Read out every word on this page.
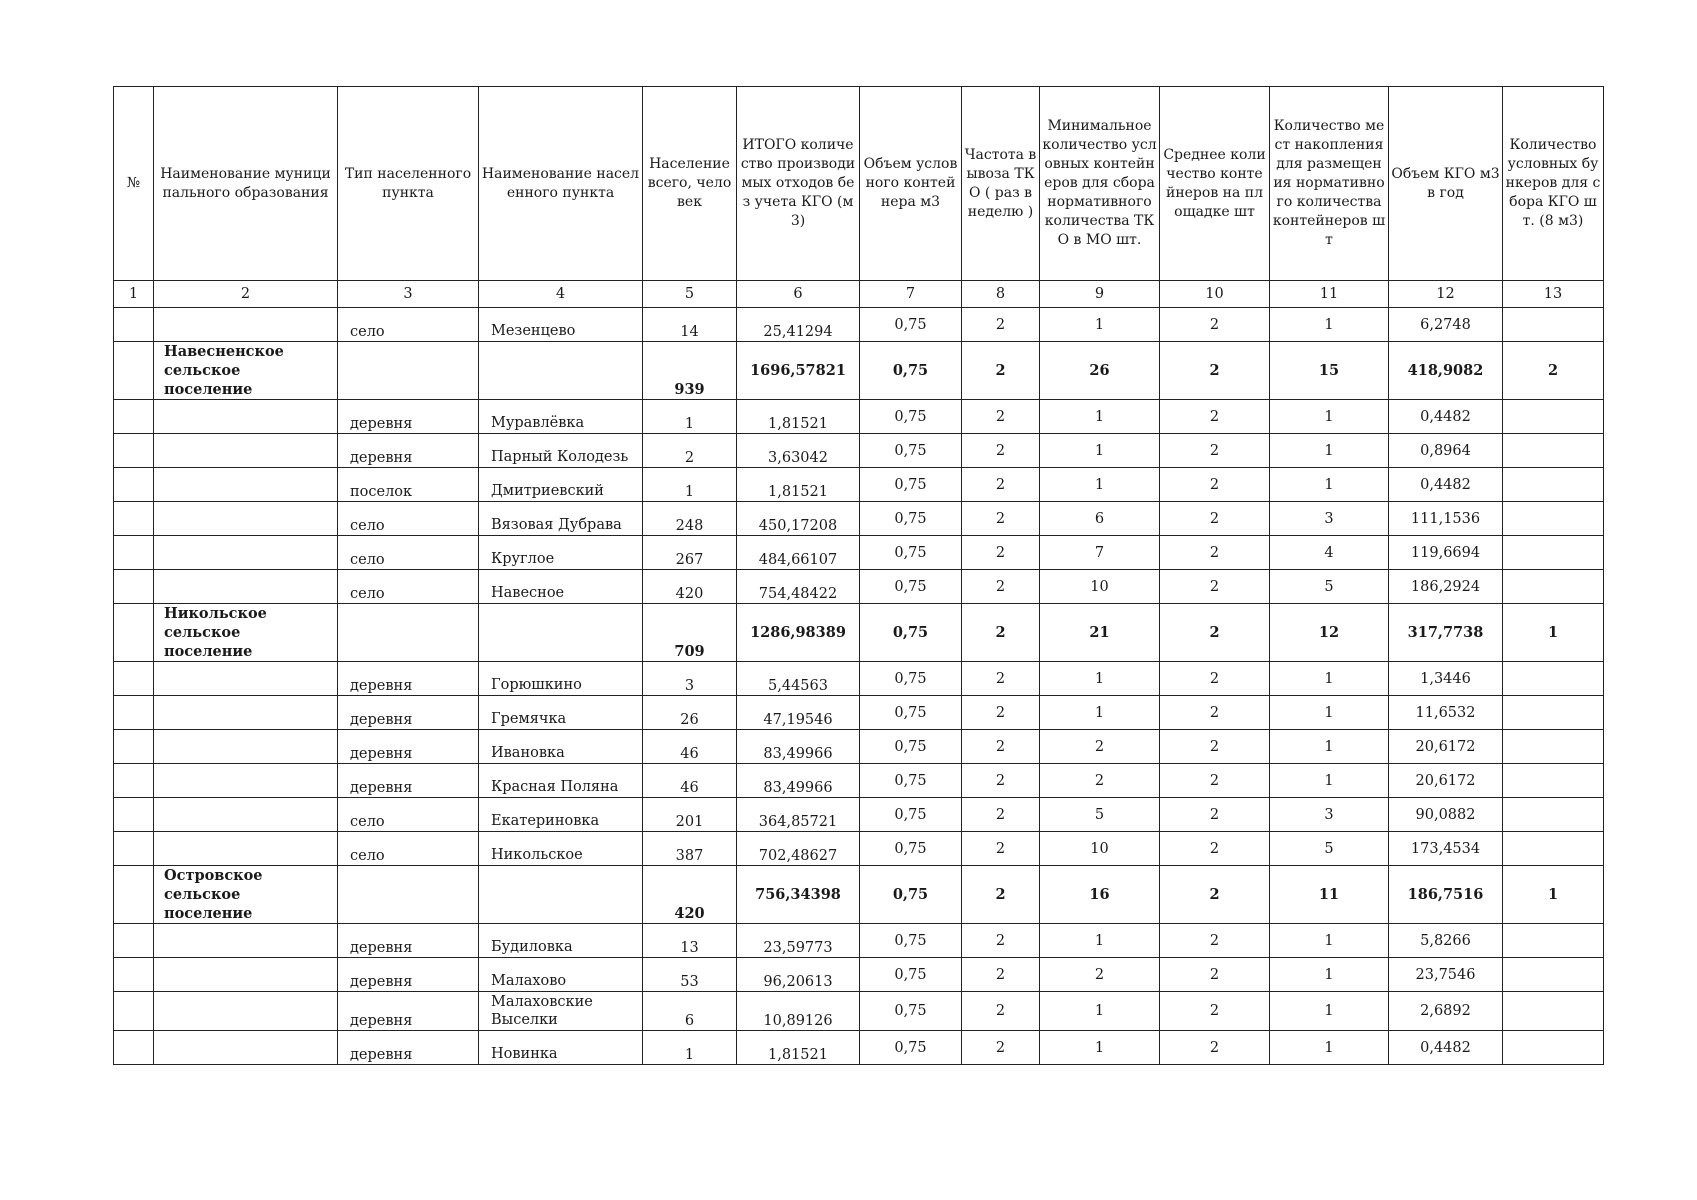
№	Наименование муниципального образования	Тип населенного пункта	Наименование населенного пункта	Население всего, человек	ИТОГО количество производимых отходов без учета КГО (м3)	Объем условного контейнера м3	Частота вывоза ТКО ( раз в неделю )	Минимальное количество условных контейнеров для сбора нормативного количества ТКО в МО шт.	Среднее количество контейнеров на площадке шт	Количество мест накопления для размещения нормативного количества контейнеров шт	Объем КГО м3 в год	Количество условных бункеров для сбора КГО шт. (8 м3)

1	2	3	4	5	6	7	8	9	10	11	12	13
		село	Мезенцево	14	25,41294	0,75	2	1	2	1	6,2748	
	Навесненское сельское поселение			939	1696,57821	0,75	2	26	2	15	418,9082	2
		деревня	Муравлёвка	1	1,81521	0,75	2	1	2	1	0,4482	
		деревня	Парный Колодезь	2	3,63042	0,75	2	1	2	1	0,8964	
		поселок	Дмитриевский	1	1,81521	0,75	2	1	2	1	0,4482	
		село	Вязовая Дубрава	248	450,17208	0,75	2	6	2	3	111,1536	
		село	Круглое	267	484,66107	0,75	2	7	2	4	119,6694	
		село	Навесное	420	754,48422	0,75	2	10	2	5	186,2924	
	Никольское сельское поселение			709	1286,98389	0,75	2	21	2	12	317,7738	1
		деревня	Горюшкино	3	5,44563	0,75	2	1	2	1	1,3446	
		деревня	Гремячка	26	47,19546	0,75	2	1	2	1	11,6532	
		деревня	Ивановка	46	83,49966	0,75	2	2	2	1	20,6172	
		деревня	Красная Поляна	46	83,49966	0,75	2	2	2	1	20,6172	
		село	Екатериновка	201	364,85721	0,75	2	5	2	3	90,0882	
		село	Никольское	387	702,48627	0,75	2	10	2	5	173,4534	
	Островское сельское поселение			420	756,34398	0,75	2	16	2	11	186,7516	1
		деревня	Будиловка	13	23,59773	0,75	2	1	2	1	5,8266	
		деревня	Малахово	53	96,20613	0,75	2	2	2	1	23,7546	
		деревня	Малаховские Выселки	6	10,89126	0,75	2	1	2	1	2,6892	
		деревня	Новинка	1	1,81521	0,75	2	1	2	1	0,4482	
